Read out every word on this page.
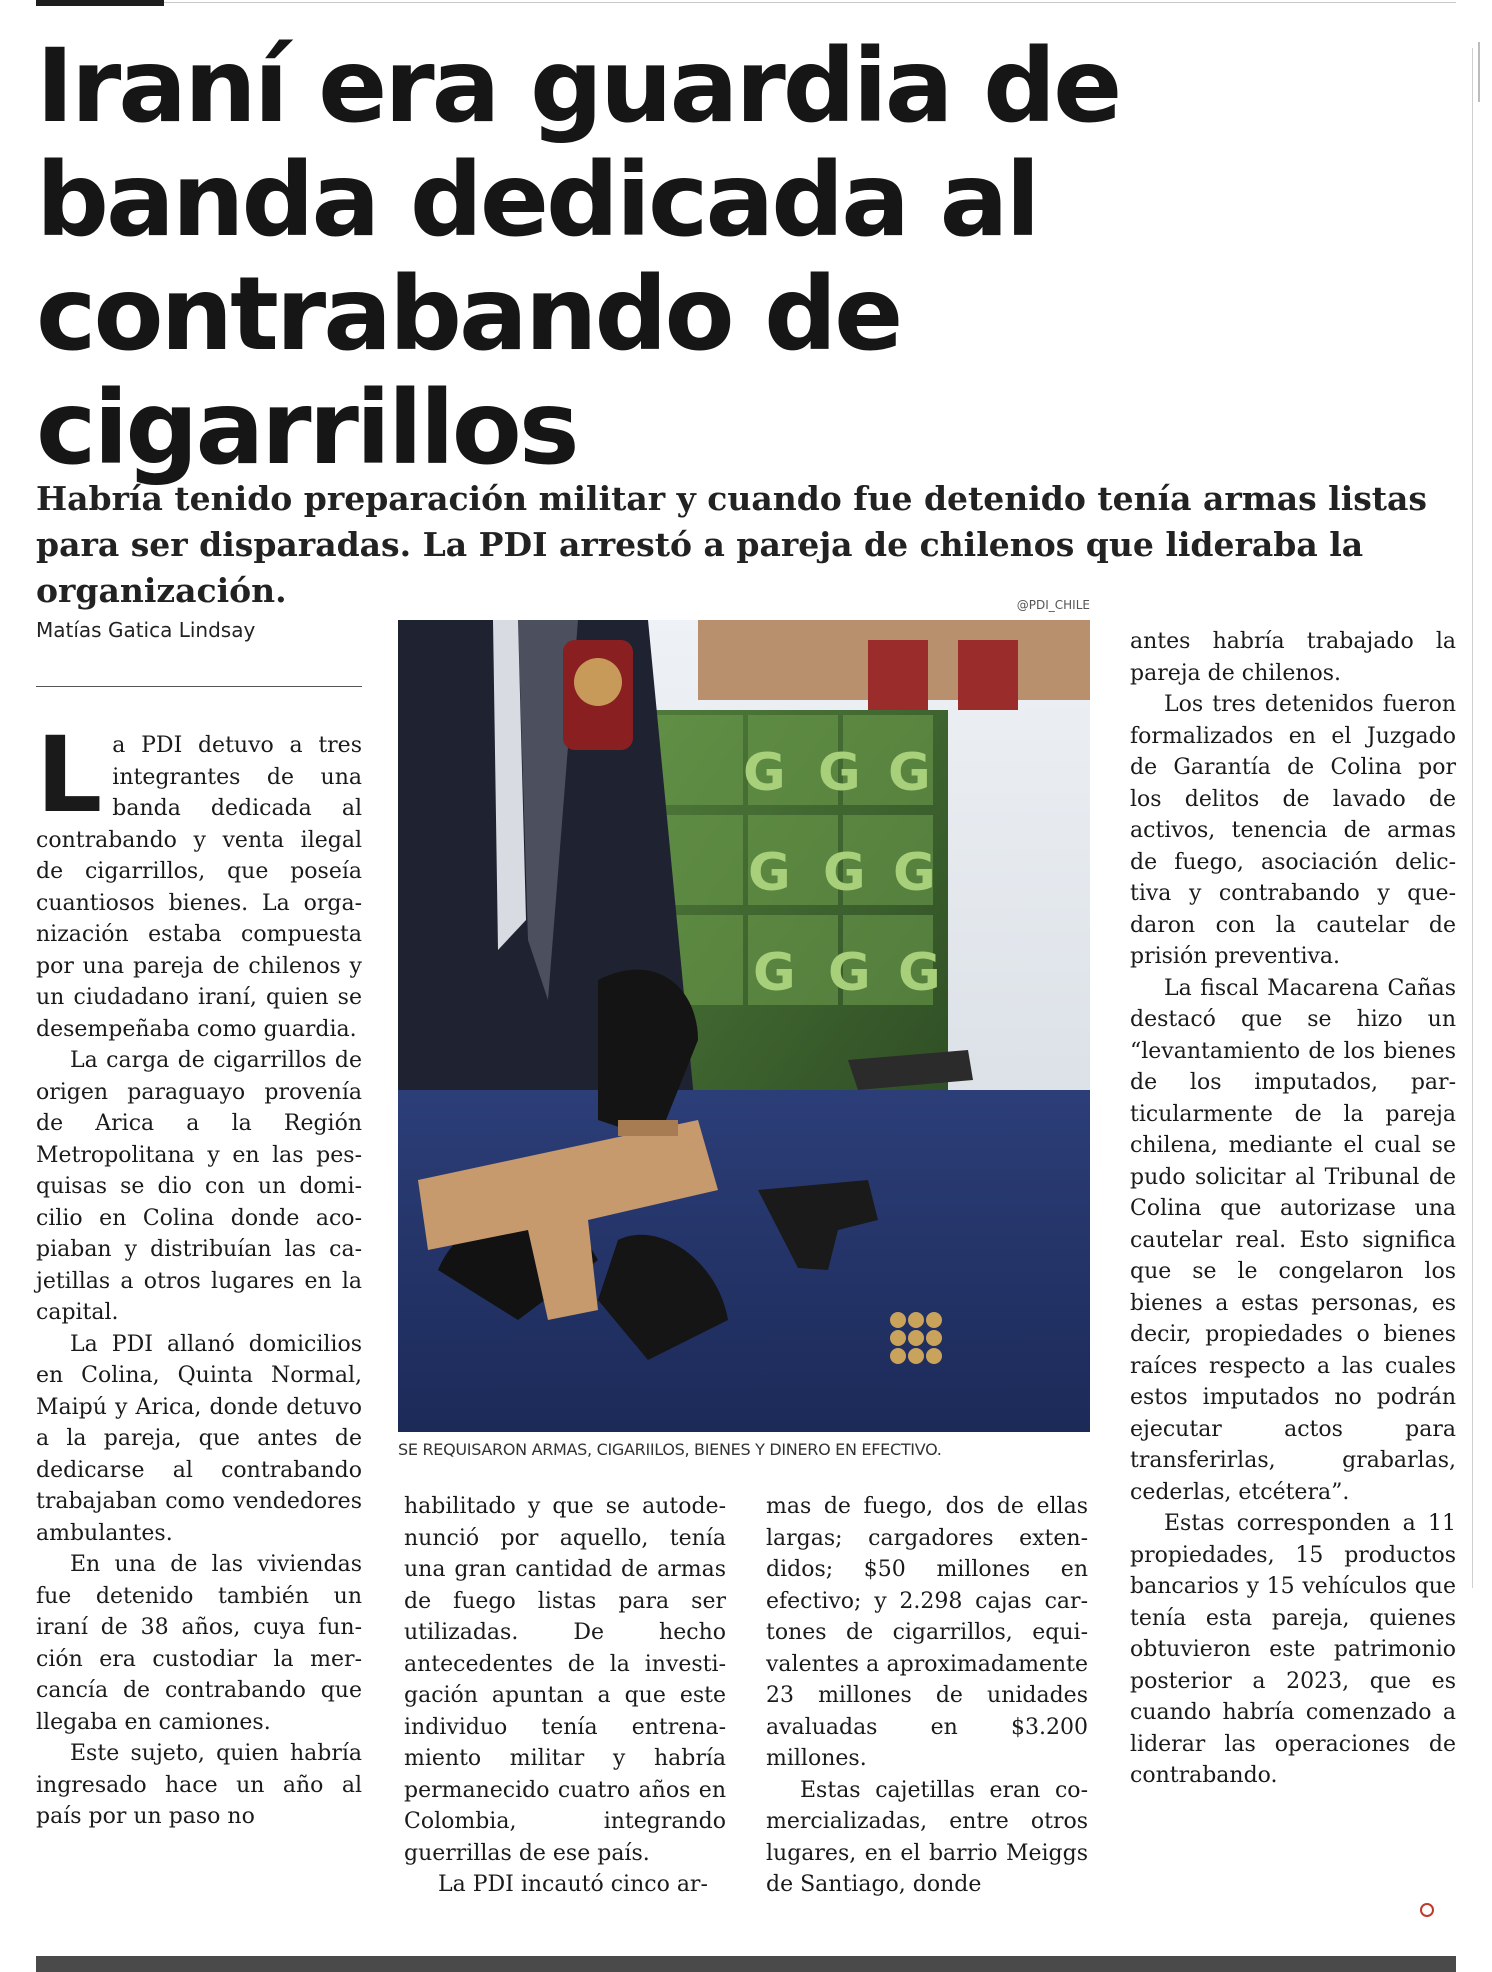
Iraní era guardia de banda dedicada al contrabando de cigarrillos

Habría tenido preparación militar y cuando fue detenido tenía armas listas para ser disparadas. La PDI arrestó a pareja de chilenos que lideraba la organización.

Matías Gatica Lindsay
@PDI_CHILE
G G G
G G G
G G G
SE REQUISARON ARMAS, CIGARIILOS, BIENES Y DINERO EN EFECTIVO.

La PDI detuvo a tres integrantes de una banda dedicada al contrabando y venta ilegal de cigarrillos, que poseía cuantiosos bienes. La organización estaba compuesta por una pareja de chilenos y un ciudadano iraní, quien se desempeñaba como guardia.

La carga de cigarrillos de origen paraguayo provenía de Arica a la Región Metropolitana y en las pesquisas se dio con un domicilio en Colina donde acopiaban y distribuían las cajetillas a otros lugares en la capital.

La PDI allanó domicilios en Colina, Quinta Normal, Maipú y Arica, donde detuvo a la pareja, que antes de dedicarse al contrabando trabajaban como vendedores ambulantes.

En una de las viviendas fue detenido también un iraní de 38 años, cuya función era custodiar la mercancía de contrabando que llegaba en camiones.

Este sujeto, quien habría ingresado hace un año al país por un paso no

habilitado y que se autodenunció por aquello, tenía una gran cantidad de armas de fuego listas para ser utilizadas. De hecho antecedentes de la investigación apuntan a que este individuo tenía entrenamiento militar y habría permanecido cuatro años en Colombia, integrando guerrillas de ese país.

La PDI incautó cinco ar-

mas de fuego, dos de ellas largas; cargadores extendidos; $50 millones en efectivo; y 2.298 cajas cartones de cigarrillos, equivalentes a aproximadamente 23 millones de unidades avaluadas en $3.200 millones.

Estas cajetillas eran comercializadas, entre otros lugares, en el barrio Meiggs de Santiago, donde

antes habría trabajado la pareja de chilenos.

Los tres detenidos fueron formalizados en el Juzgado de Garantía de Colina por los delitos de lavado de activos, tenencia de armas de fuego, asociación delictiva y contrabando y quedaron con la cautelar de prisión preventiva.

La fiscal Macarena Cañas destacó que se hizo un “levantamiento de los bienes de los imputados, particularmente de la pareja chilena, mediante el cual se pudo solicitar al Tribunal de Colina que autorizase una cautelar real. Esto significa que se le congelaron los bienes a estas personas, es decir, propiedades o bienes raíces respecto a las cuales estos imputados no podrán ejecutar actos para transferirlas, grabarlas, cederlas, etcétera”.

Estas corresponden a 11 propiedades, 15 productos bancarios y 15 vehículos que tenía esta pareja, quienes obtuvieron este patrimonio posterior a 2023, que es cuando habría comenzado a liderar las operaciones de contrabando.
